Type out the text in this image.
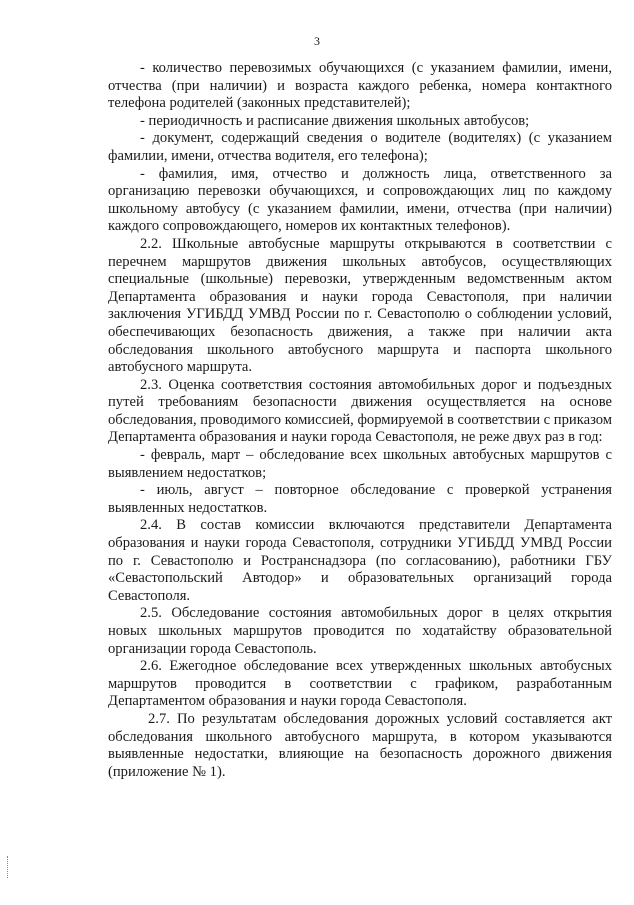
3

- количество перевозимых обучающихся (с указанием фамилии, имени, отчества (при наличии) и возраста каждого ребенка, номера контактного телефона родителей (законных представителей);

- периодичность и расписание движения школьных автобусов;

- документ, содержащий сведения о водителе (водителях) (с указанием фамилии, имени, отчества водителя, его телефона);

- фамилия, имя, отчество и должность лица, ответственного за организацию перевозки обучающихся, и сопровождающих лиц по каждому школьному автобусу (с указанием фамилии, имени, отчества (при наличии) каждого сопровождающего, номеров их контактных телефонов).

2.2. Школьные автобусные маршруты открываются в соответствии с перечнем маршрутов движения школьных автобусов, осуществляющих специальные (школьные) перевозки, утвержденным ведомственным актом Департамента образования и науки города Севастополя, при наличии заключения УГИБДД УМВД России по г. Севастополю о соблюдении условий, обеспечивающих безопасность движения, а также при наличии акта обследования школьного автобусного маршрута и паспорта школьного автобусного маршрута.

2.3. Оценка соответствия состояния автомобильных дорог и подъездных путей требованиям безопасности движения осуществляется на основе обследования, проводимого комиссией, формируемой в соответствии с приказом Департамента образования и науки города Севастополя, не реже двух раз в год:

- февраль, март – обследование всех школьных автобусных маршрутов с выявлением недостатков;

- июль, август – повторное обследование с проверкой устранения выявленных недостатков.

2.4. В состав комиссии включаются представители Департамента образования и науки города Севастополя, сотрудники УГИБДД УМВД России по г. Севастополю и Ространснадзора (по согласованию), работники ГБУ «Севастопольский Автодор» и образовательных организаций города Севастополя.

2.5. Обследование состояния автомобильных дорог в целях открытия новых школьных маршрутов проводится по ходатайству образовательной организации города Севастополь.

2.6. Ежегодное обследование всех утвержденных школьных автобусных маршрутов проводится в соответствии с графиком, разработанным Департаментом образования и науки города Севастополя.

2.7. По результатам обследования дорожных условий составляется акт обследования школьного автобусного маршрута, в котором указываются выявленные недостатки, влияющие на безопасность дорожного движения (приложение № 1).
